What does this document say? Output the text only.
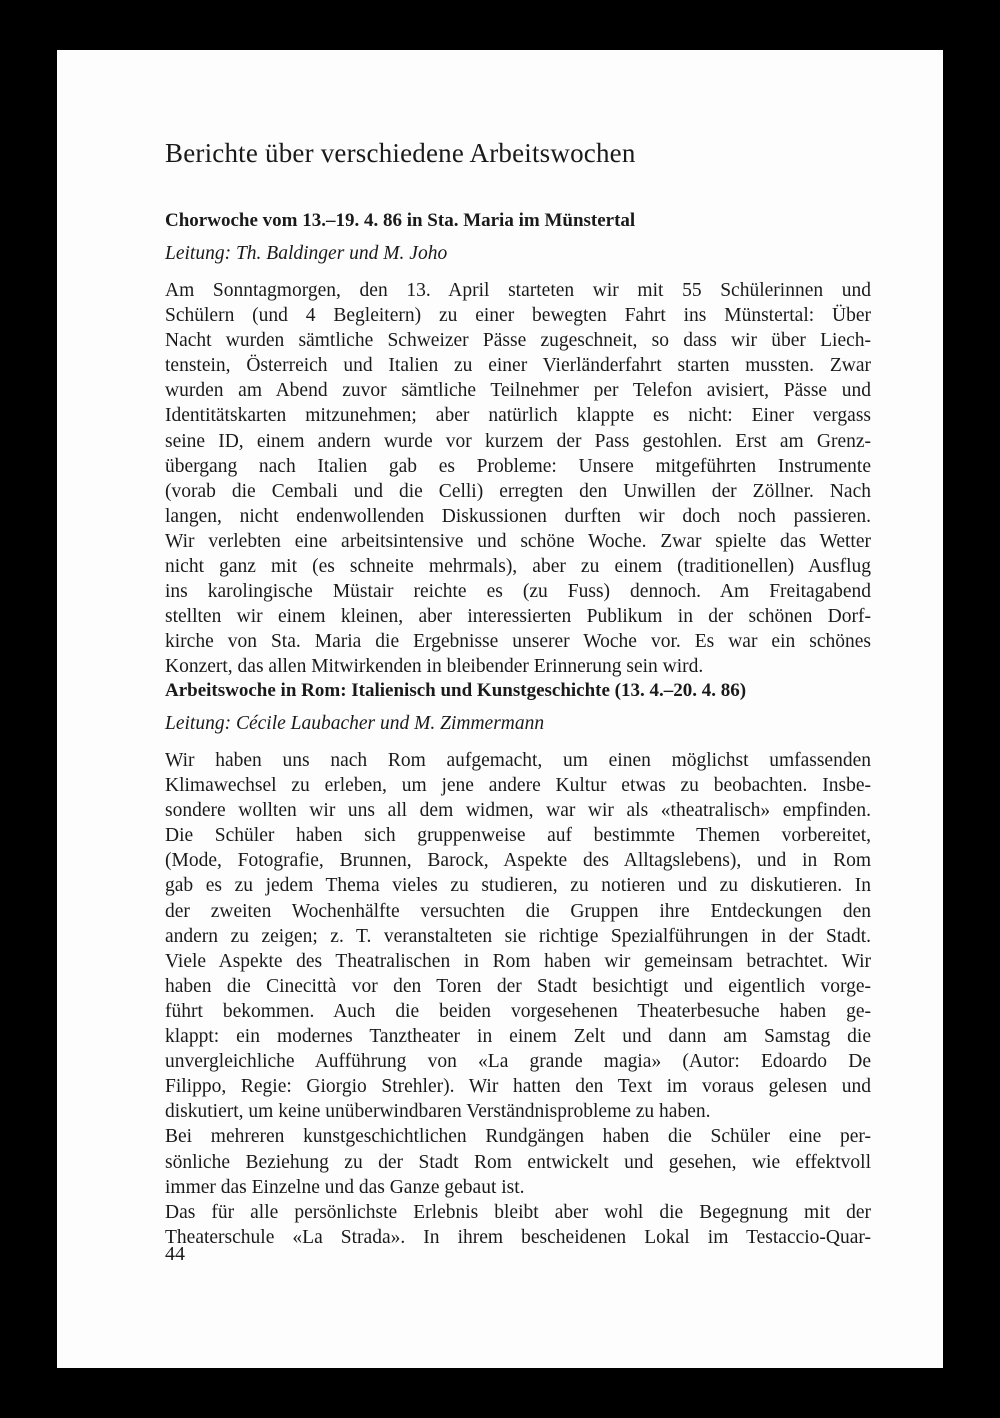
Berichte über verschiedene Arbeitswochen
Chorwoche vom 13.–19. 4. 86 in Sta. Maria im Münstertal
Leitung: Th. Baldinger und M. Joho
Am Sonntagmorgen, den 13. April starteten wir mit 55 Schülerinnen und
Schülern (und 4 Begleitern) zu einer bewegten Fahrt ins Münstertal: Über
Nacht wurden sämtliche Schweizer Pässe zugeschneit, so dass wir über Liech-
tenstein, Österreich und Italien zu einer Vierländerfahrt starten mussten. Zwar
wurden am Abend zuvor sämtliche Teilnehmer per Telefon avisiert, Pässe und
Identitätskarten mitzunehmen; aber natürlich klappte es nicht: Einer vergass
seine ID, einem andern wurde vor kurzem der Pass gestohlen. Erst am Grenz-
übergang nach Italien gab es Probleme: Unsere mitgeführten Instrumente
(vorab die Cembali und die Celli) erregten den Unwillen der Zöllner. Nach
langen, nicht endenwollenden Diskussionen durften wir doch noch passieren.
Wir verlebten eine arbeitsintensive und schöne Woche. Zwar spielte das Wetter
nicht ganz mit (es schneite mehrmals), aber zu einem (traditionellen) Ausflug
ins karolingische Müstair reichte es (zu Fuss) dennoch. Am Freitagabend
stellten wir einem kleinen, aber interessierten Publikum in der schönen Dorf-
kirche von Sta. Maria die Ergebnisse unserer Woche vor. Es war ein schönes
Konzert, das allen Mitwirkenden in bleibender Erinnerung sein wird.
Arbeitswoche in Rom: Italienisch und Kunstgeschichte (13. 4.–20. 4. 86)
Leitung: Cécile Laubacher und M. Zimmermann
Wir haben uns nach Rom aufgemacht, um einen möglichst umfassenden
Klimawechsel zu erleben, um jene andere Kultur etwas zu beobachten. Insbe-
sondere wollten wir uns all dem widmen, war wir als «theatralisch» empfinden.
Die Schüler haben sich gruppenweise auf bestimmte Themen vorbereitet,
(Mode, Fotografie, Brunnen, Barock, Aspekte des Alltagslebens), und in Rom
gab es zu jedem Thema vieles zu studieren, zu notieren und zu diskutieren. In
der zweiten Wochenhälfte versuchten die Gruppen ihre Entdeckungen den
andern zu zeigen; z. T. veranstalteten sie richtige Spezialführungen in der Stadt.
Viele Aspekte des Theatralischen in Rom haben wir gemeinsam betrachtet. Wir
haben die Cinecittà vor den Toren der Stadt besichtigt und eigentlich vorge-
führt bekommen. Auch die beiden vorgesehenen Theaterbesuche haben ge-
klappt: ein modernes Tanztheater in einem Zelt und dann am Samstag die
unvergleichliche Aufführung von «La grande magia» (Autor: Edoardo De
Filippo, Regie: Giorgio Strehler). Wir hatten den Text im voraus gelesen und
diskutiert, um keine unüberwindbaren Verständnisprobleme zu haben.
Bei mehreren kunstgeschichtlichen Rundgängen haben die Schüler eine per-
sönliche Beziehung zu der Stadt Rom entwickelt und gesehen, wie effektvoll
immer das Einzelne und das Ganze gebaut ist.
Das für alle persönlichste Erlebnis bleibt aber wohl die Begegnung mit der
Theaterschule «La Strada». In ihrem bescheidenen Lokal im Testaccio-Quar-
44
